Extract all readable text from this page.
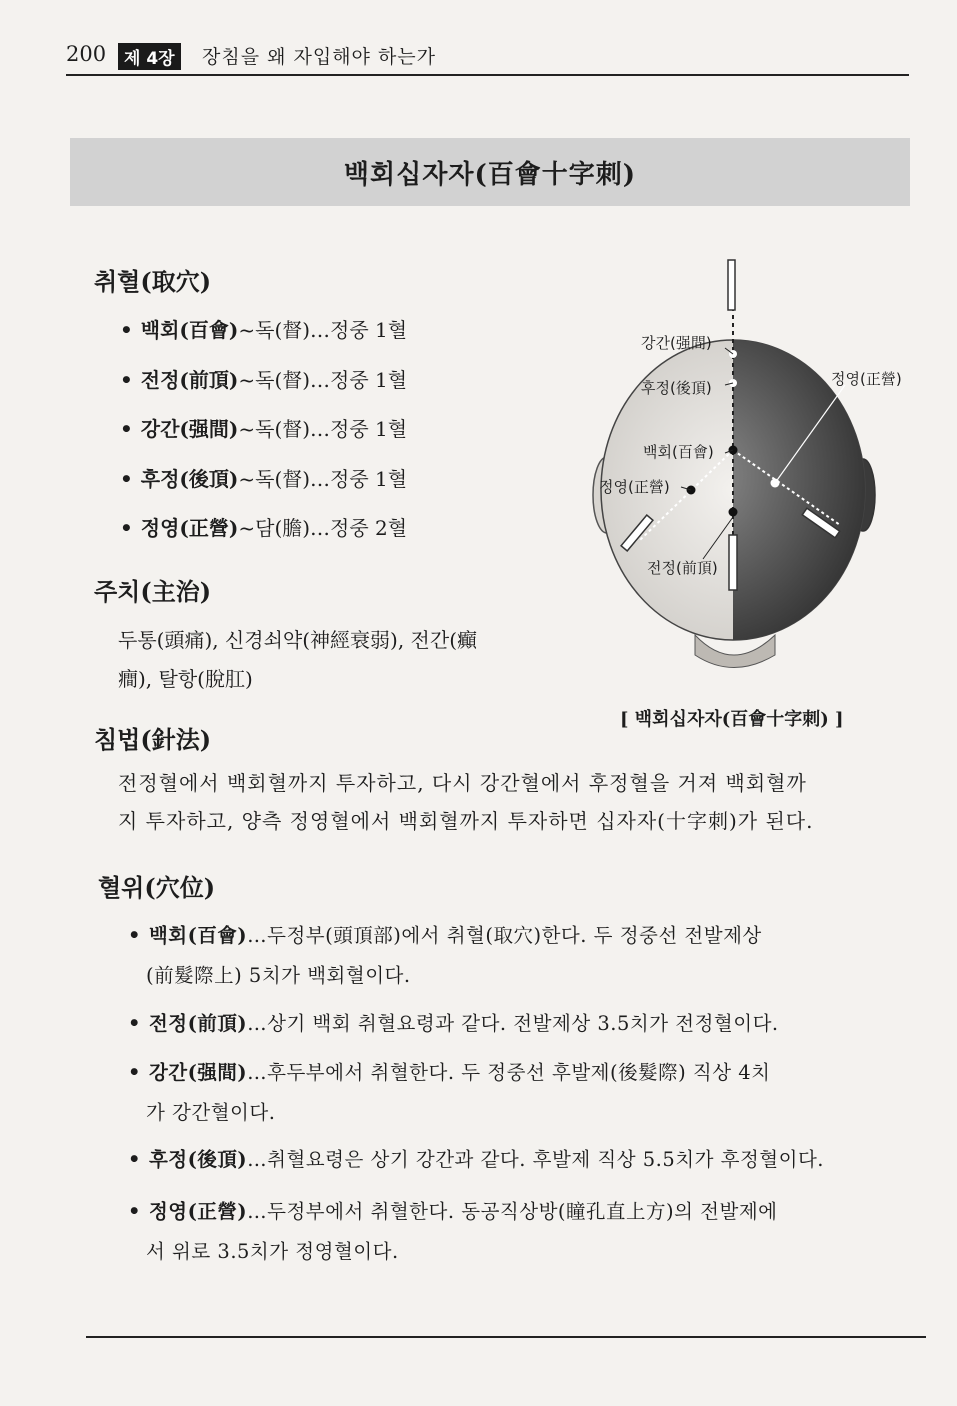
200	제 4장	장침을 왜 자입해야 하는가
백회십자자(百會十字刺)
취혈(取穴)
• 백회(百會)~독(督)…정중 1혈
• 전정(前頂)~독(督)…정중 1혈
• 강간(强間)~독(督)…정중 1혈
• 후정(後頂)~독(督)…정중 1혈
• 정영(正營)~담(膽)…정중 2혈
주치(主治)
두통(頭痛), 신경쇠약(神經衰弱), 전간(癲
癎), 탈항(脫肛)
침법(針法)
전정혈에서 백회혈까지 투자하고, 다시 강간혈에서 후정혈을 거져 백회혈까
지 투자하고, 양측 정영혈에서 백회혈까지 투자하면 십자자(十字刺)가 된다.
혈위(穴位)
• 백회(百會)…두정부(頭頂部)에서 취혈(取穴)한다. 두 정중선 전발제상
(前髮際上) 5치가 백회혈이다.
• 전정(前頂)…상기 백회 취혈요령과 같다. 전발제상 3.5치가 전정혈이다.
• 강간(强間)…후두부에서 취혈한다. 두 정중선 후발제(後髮際) 직상 4치
가 강간혈이다.
• 후정(後頂)…취혈요령은 상기 강간과 같다. 후발제 직상 5.5치가 후정혈이다.
• 정영(正營)…두정부에서 취혈한다. 동공직상방(瞳孔直上方)의 전발제에
서 위로 3.5치가 정영혈이다.
강간(强間)
후정(後頂)	정영(正營)
백회(百會)
정영(正營)
전정(前頂)
[ 백회십자자(百會十字刺) ]
